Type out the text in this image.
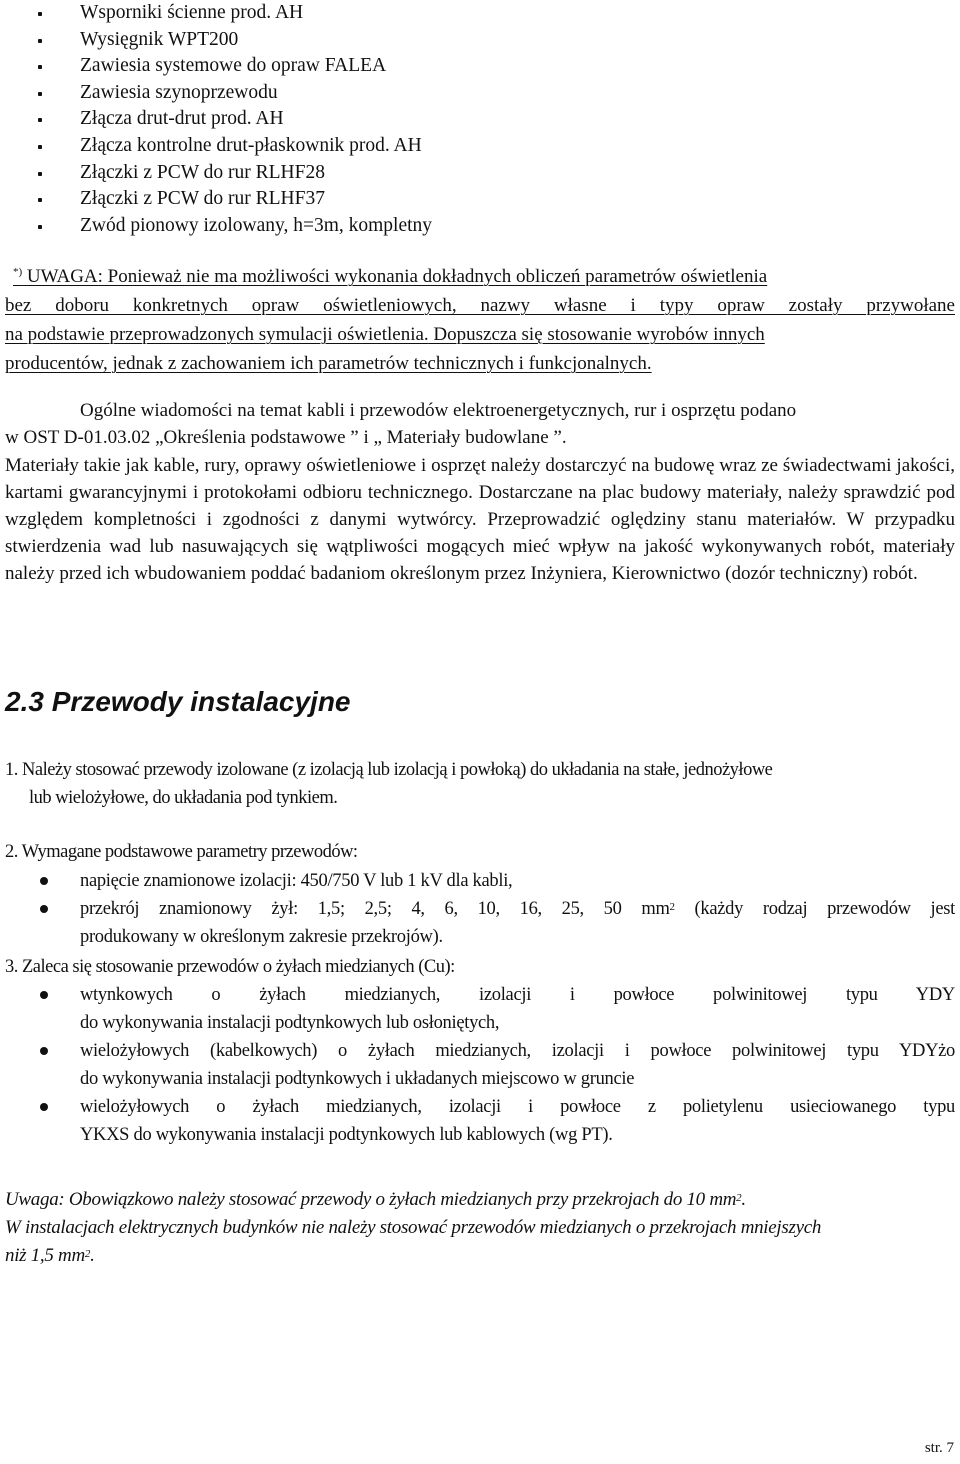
Wsporniki ścienne prod. AH
Wysięgnik WPT200
Zawiesia systemowe do opraw FALEA
Zawiesia szynoprzewodu
Złącza drut-drut prod. AH
Złącza kontrolne drut-płaskownik prod. AH
Złączki z PCW do rur RLHF28
Złączki z PCW do rur RLHF37
Zwód pionowy izolowany, h=3m, kompletny
*) UWAGA: Ponieważ nie ma możliwości wykonania dokładnych obliczeń parametrów oświetlenia
bez doboru konkretnych opraw oświetleniowych, nazwy własne i typy opraw zostały przywołane
na podstawie przeprowadzonych symulacji oświetlenia. Dopuszcza się stosowanie wyrobów innych
producentów, jednak z zachowaniem ich parametrów technicznych i funkcjonalnych.
Ogólne wiadomości na temat kabli i przewodów elektroenergetycznych, rur i osprzętu podano
w OST D-01.03.02 „Określenia podstawowe ” i „ Materiały budowlane ”.
Materiały takie jak kable, rury, oprawy oświetleniowe i osprzęt należy dostarczyć na budowę wraz ze świadectwami jakości, kartami gwarancyjnymi i protokołami odbioru technicznego. Dostarczane na plac budowy materiały, należy sprawdzić pod względem kompletności i zgodności z danymi wytwórcy. Przeprowadzić oględziny stanu materiałów. W przypadku stwierdzenia wad lub nasuwających się wątpliwości mogących mieć wpływ na jakość wykonywanych robót, materiały należy przed ich wbudowaniem poddać badaniom określonym przez Inżyniera, Kierownictwo (dozór techniczny) robót.
2.3 Przewody instalacyjne
1. Należy stosować przewody izolowane (z izolacją lub izolacją i powłoką) do układania na stałe, jednożyłowe
lub wielożyłowe, do układania pod tynkiem.
2. Wymagane podstawowe parametry przewodów:
napięcie znamionowe izolacji: 450/750 V lub 1 kV dla kabli,
przekrój znamionowy żył: 1,5; 2,5; 4, 6, 10, 16, 25, 50 $mm^2$ (każdy rodzaj przewodów jest
produkowany w określonym zakresie przekrojów).
3. Zaleca się stosowanie przewodów o żyłach miedzianych (Cu):
wtynkowych o żyłach miedzianych, izolacji i powłoce polwinitowej typu YDY
do wykonywania instalacji podtynkowych lub osłoniętych,
wielożyłowych (kabelkowych) o żyłach miedzianych, izolacji i powłoce polwinitowej typu YDYżo
do wykonywania instalacji podtynkowych i układanych miejscowo w gruncie
wielożyłowych o żyłach miedzianych, izolacji i powłoce z polietylenu usieciowanego typu
YKXS do wykonywania instalacji podtynkowych lub kablowych (wg PT).
Uwaga: Obowiązkowo należy stosować przewody o żyłach miedzianych przy przekrojach do 10 $mm^2$.
W instalacjach elektrycznych budynków nie należy stosować przewodów miedzianych o przekrojach mniejszych
niż 1,5 $mm^2$.
str. 7
